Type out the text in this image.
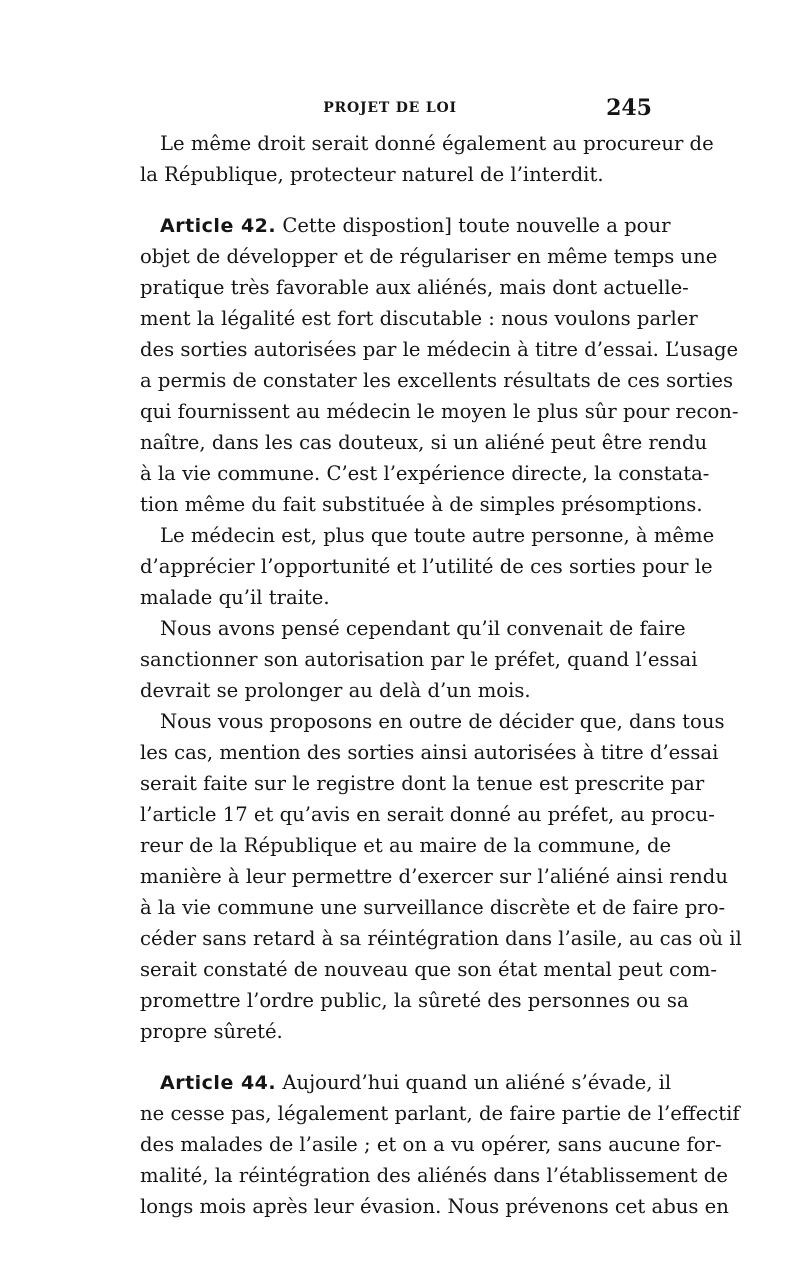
PROJET DE LOI	245
Le même droit serait donné également au procureur de
la République, protecteur naturel de l’interdit.
Article 42. Cette dispostion] toute nouvelle a pour
objet de développer et de régulariser en même temps une
pratique très favorable aux aliénés, mais dont actuelle-
ment la légalité est fort discutable : nous voulons parler
des sorties autorisées par le médecin à titre d’essai. L’usage
a permis de constater les excellents résultats de ces sorties
qui fournissent au médecin le moyen le plus sûr pour recon-
naître, dans les cas douteux, si un aliéné peut être rendu
à la vie commune. C’est l’expérience directe, la constata-
tion même du fait substituée à de simples présomptions.
Le médecin est, plus que toute autre personne, à même
d’apprécier l’opportunité et l’utilité de ces sorties pour le
malade qu’il traite.
Nous avons pensé cependant qu’il convenait de faire
sanctionner son autorisation par le préfet, quand l’essai
devrait se prolonger au delà d’un mois.
Nous vous proposons en outre de décider que, dans tous
les cas, mention des sorties ainsi autorisées à titre d’essai
serait faite sur le registre dont la tenue est prescrite par
l’article 17 et qu’avis en serait donné au préfet, au procu-
reur de la République et au maire de la commune, de
manière à leur permettre d’exercer sur l’aliéné ainsi rendu
à la vie commune une surveillance discrète et de faire pro-
céder sans retard à sa réintégration dans l’asile, au cas où il
serait constaté de nouveau que son état mental peut com-
promettre l’ordre public, la sûreté des personnes ou sa
propre sûreté.
Article 44. Aujourd’hui quand un aliéné s’évade, il
ne cesse pas, légalement parlant, de faire partie de l’effectif
des malades de l’asile ; et on a vu opérer, sans aucune for-
malité, la réintégration des aliénés dans l’établissement de
longs mois après leur évasion. Nous prévenons cet abus en
